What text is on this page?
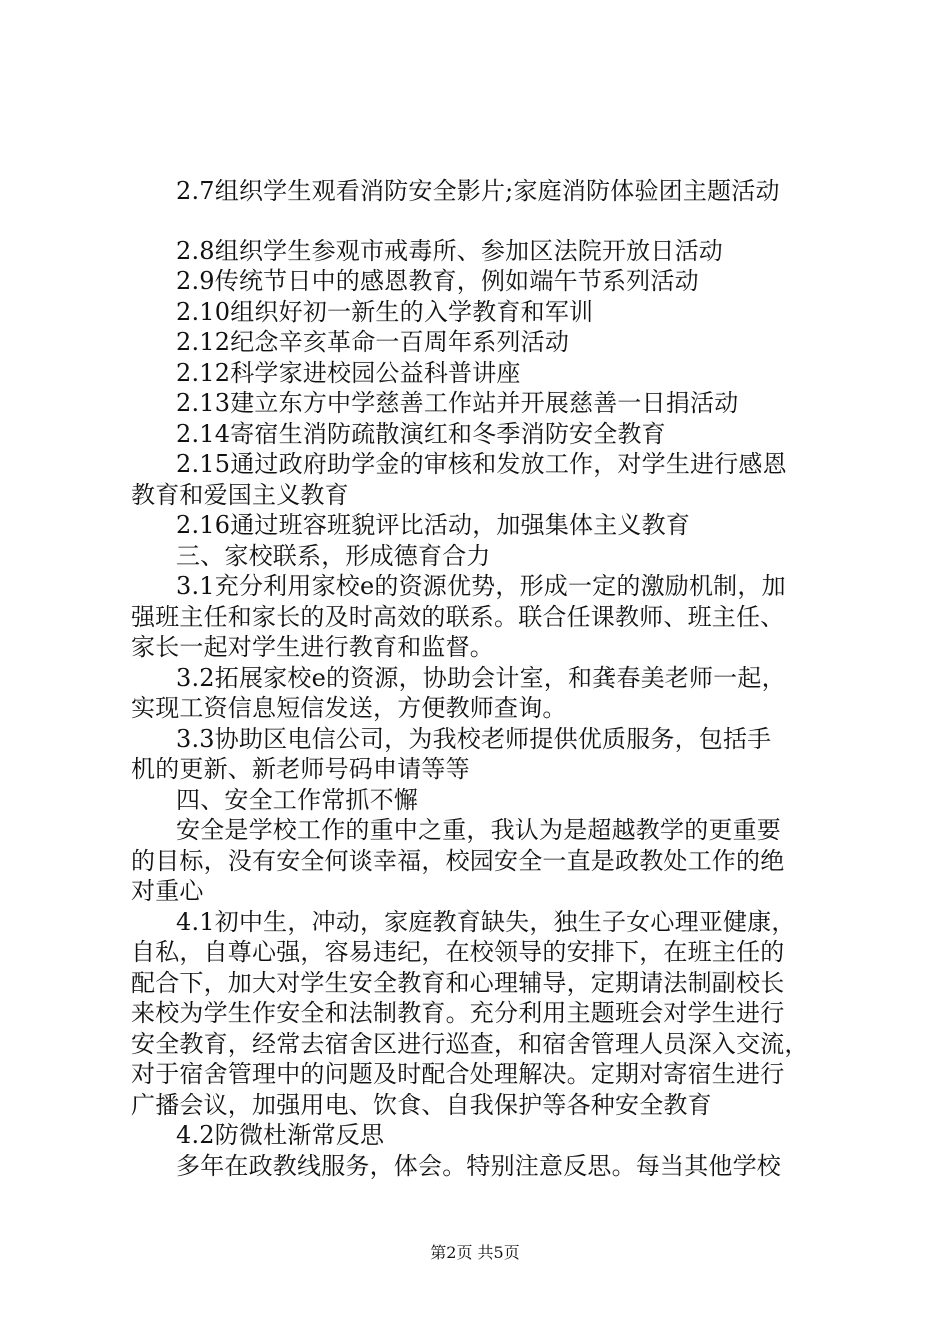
2.7组织学生观看消防安全影片;家庭消防体验团主题活动
2.8组织学生参观市戒毒所、参加区法院开放日活动
2.9传统节日中的感恩教育，例如端午节系列活动
2.10组织好初一新生的入学教育和军训
2.12纪念辛亥革命一百周年系列活动
2.12科学家进校园公益科普讲座
2.13建立东方中学慈善工作站并开展慈善一日捐活动
2.14寄宿生消防疏散演红和冬季消防安全教育
2.15通过政府助学金的审核和发放工作，对学生进行感恩
教育和爱国主义教育
2.16通过班容班貌评比活动，加强集体主义教育
三、家校联系，形成德育合力
3.1充分利用家校e的资源优势，形成一定的激励机制，加
强班主任和家长的及时高效的联系。联合任课教师、班主任、
家长一起对学生进行教育和监督。
3.2拓展家校e的资源，协助会计室，和龚春美老师一起，
实现工资信息短信发送，方便教师查询。
3.3协助区电信公司，为我校老师提供优质服务，包括手
机的更新、新老师号码申请等等
四、安全工作常抓不懈
安全是学校工作的重中之重，我认为是超越教学的更重要
的目标，没有安全何谈幸福，校园安全一直是政教处工作的绝
对重心
4.1初中生，冲动，家庭教育缺失，独生子女心理亚健康，
自私，自尊心强，容易违纪，在校领导的安排下，在班主任的
配合下，加大对学生安全教育和心理辅导，定期请法制副校长
来校为学生作安全和法制教育。充分利用主题班会对学生进行
安全教育，经常去宿舍区进行巡查，和宿舍管理人员深入交流，
对于宿舍管理中的问题及时配合处理解决。定期对寄宿生进行
广播会议，加强用电、饮食、自我保护等各种安全教育
4.2防微杜渐常反思
多年在政教线服务，体会。特别注意反思。每当其他学校
第2页 共5页
